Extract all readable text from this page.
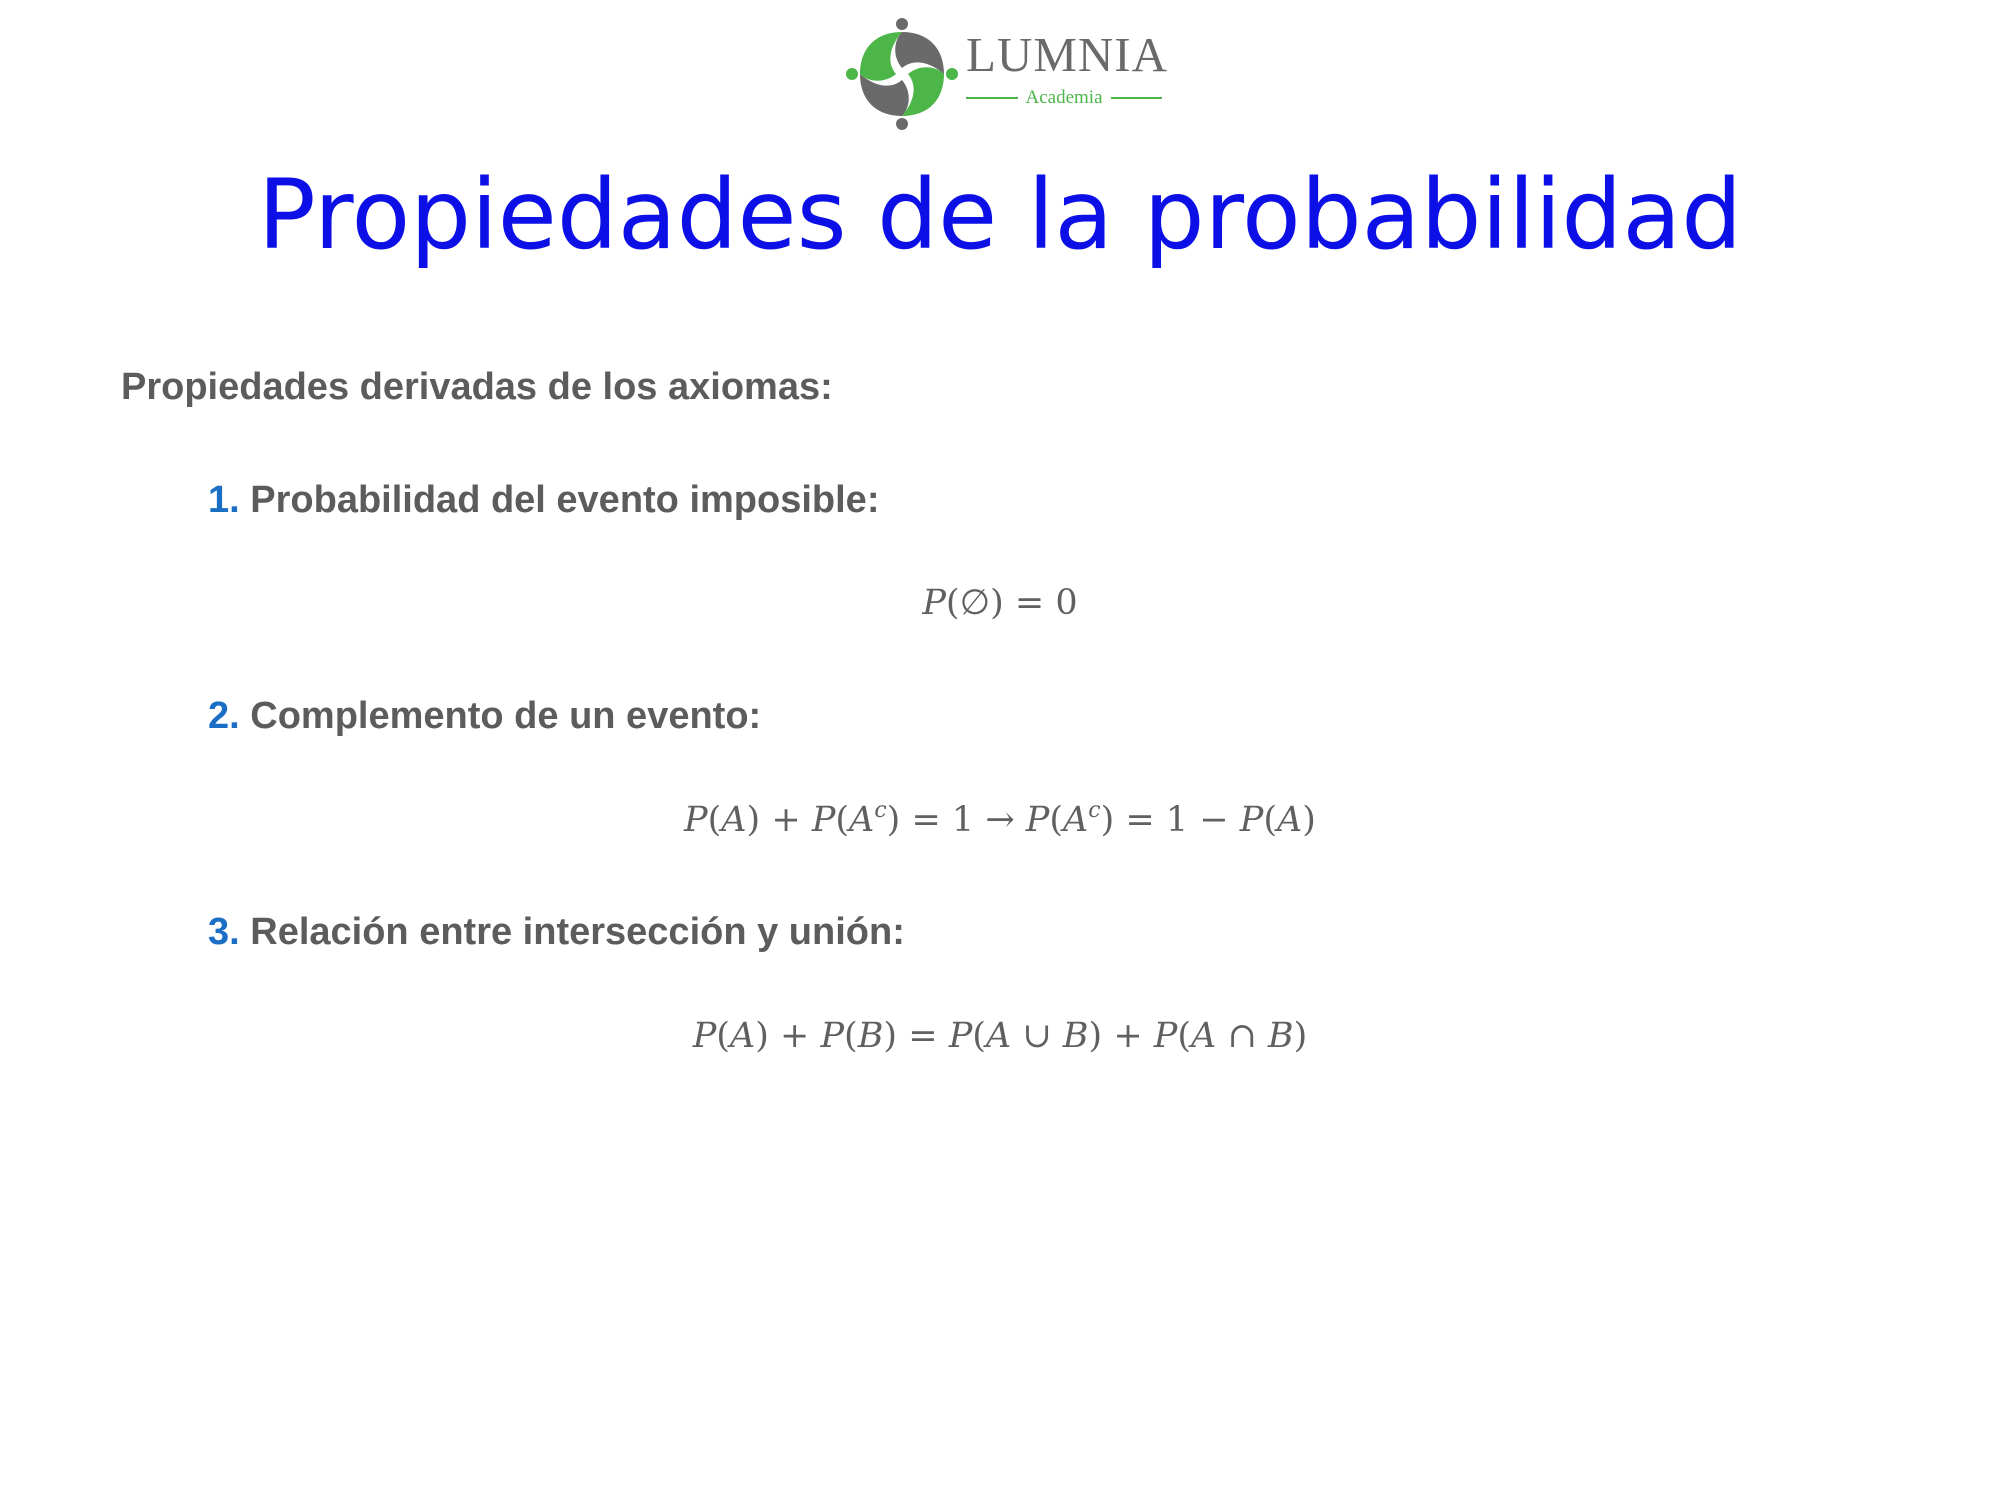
LUMNIA
Academia
Propiedades de la probabilidad
Propiedades derivadas de los axiomas:
1. Probabilidad del evento imposible:
P(∅) = 0
2. Complemento de un evento:
$P(A) + P(A^c) = 1 \to P(A^c) = 1 - P(A)$
3. Relación entre intersección y unión:
P(A) + P(B) = P(A ∪ B) + P(A ∩ B)
